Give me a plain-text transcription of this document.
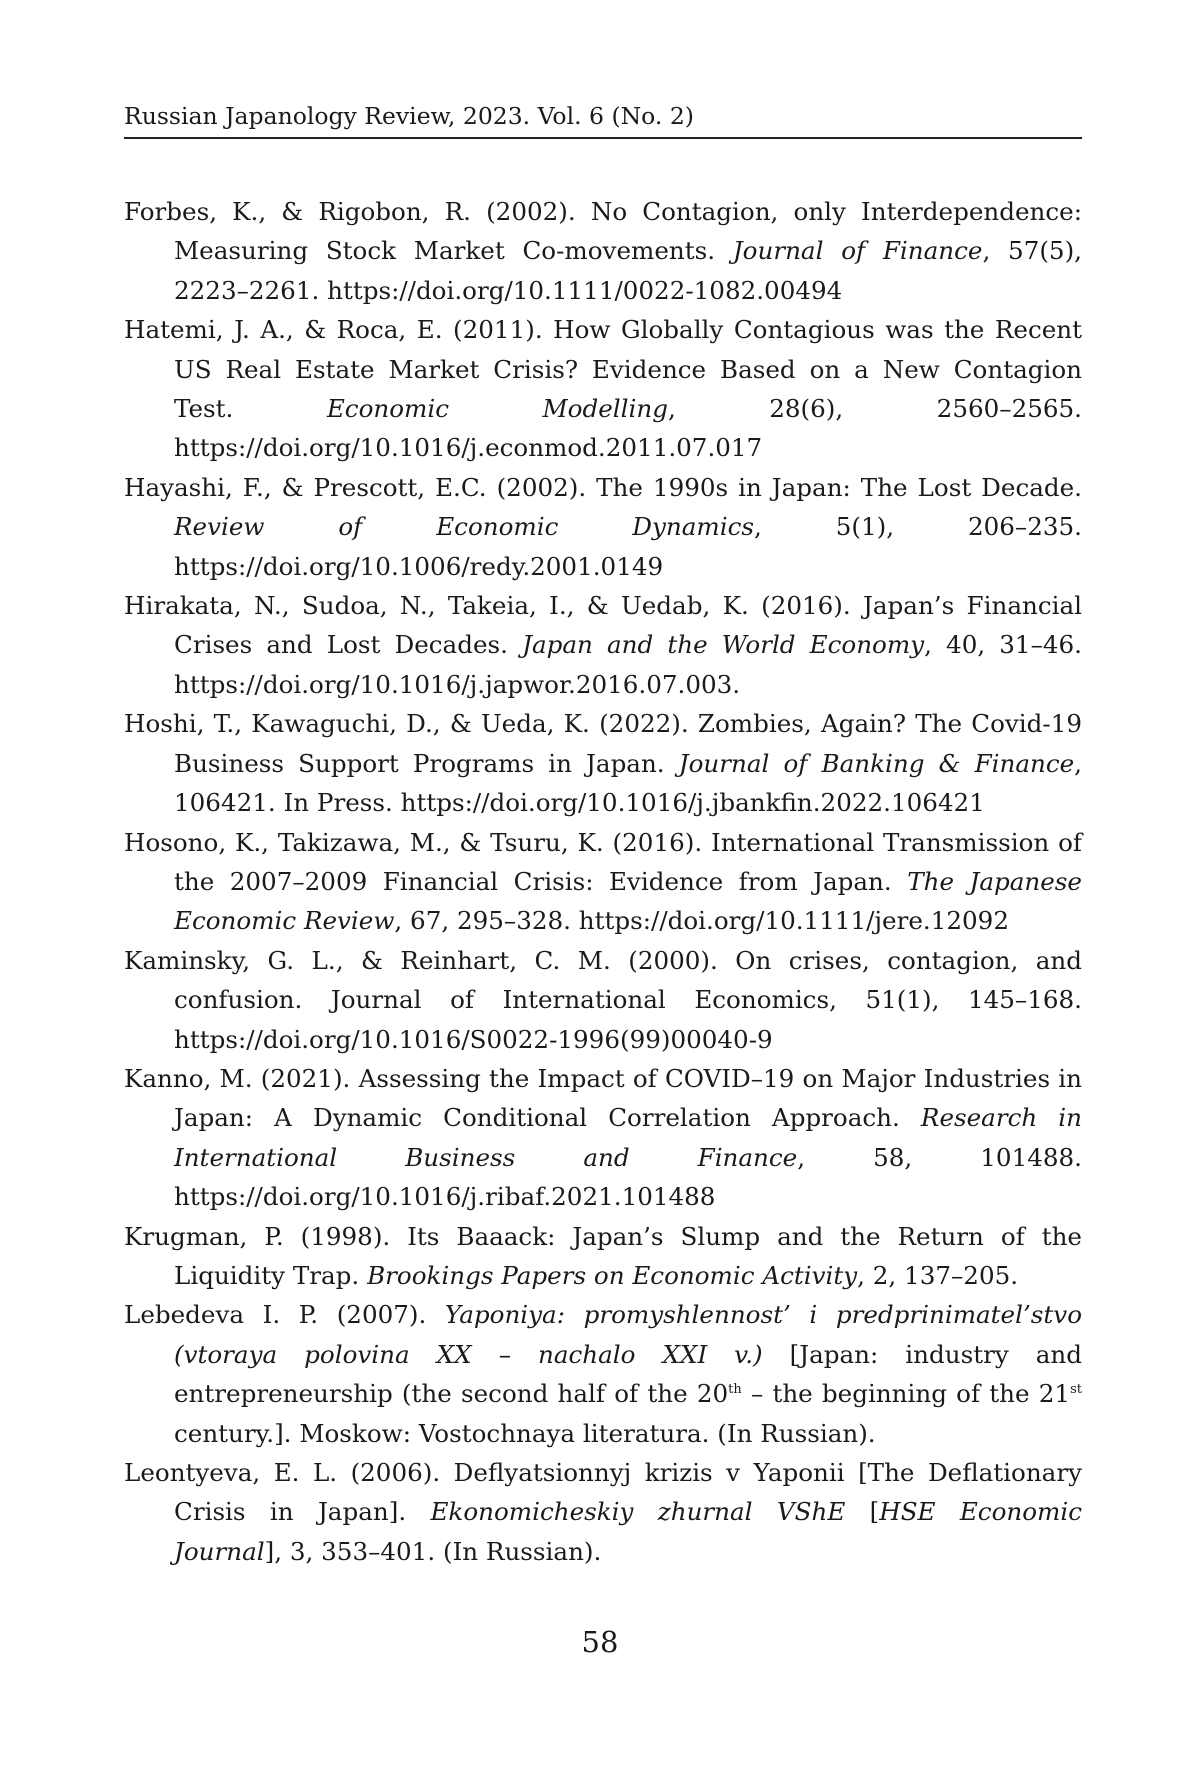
Russian Japanology Review, 2023. Vol. 6 (No. 2)

Forbes, K., & Rigobon, R. (2002). No Contagion, only Interdependence: Measuring Stock Market Co-movements. Journal of Finance, 57(5), 2223–2261. https://doi.org/10.1111/0022-1082.00494

Hatemi, J. A., & Roca, E. (2011). How Globally Contagious was the Recent US Real Estate Market Crisis? Evidence Based on a New Contagion Test. Economic Modelling, 28(6), 2560–2565. https://doi.org/10.1016/j.econmod.2011.07.017

Hayashi, F., & Prescott, E.C. (2002). The 1990s in Japan: The Lost Decade. Review of Economic Dynamics, 5(1), 206–235. https://doi.org/10.1006/redy.2001.0149

Hirakata, N., Sudoa, N., Takeia, I., & Uedab, K. (2016). Japan’s Financial Crises and Lost Decades. Japan and the World Economy, 40, 31–46. https://doi.org/10.1016/j.japwor.2016.07.003.

Hoshi, T., Kawaguchi, D., & Ueda, K. (2022). Zombies, Again? The Covid-19 Business Support Programs in Japan. Journal of Banking & Finance, 106421. In Press. https://doi.org/10.1016/j.jbankfin.2022.106421

Hosono, K., Takizawa, M., & Tsuru, K. (2016). International Transmission of the 2007–2009 Financial Crisis: Evidence from Japan. The Japanese Economic Review, 67, 295–328. https://doi.org/10.1111/jere.12092

Kaminsky, G. L., & Reinhart, C. M. (2000). On crises, contagion, and confusion. Journal of International Economics, 51(1), 145–168. https://doi.org/10.1016/S0022-1996(99)00040-9

Kanno, M. (2021). Assessing the Impact of COVID–19 on Major Industries in Japan: A Dynamic Conditional Correlation Approach. Research in International Business and Finance, 58, 101488. https://doi.org/10.1016/j.ribaf.2021.101488

Krugman, P. (1998). Its Baaack: Japan’s Slump and the Return of the Liquidity Trap. Brookings Papers on Economic Activity, 2, 137–205.

Lebedeva I. P. (2007). Yaponiya: promyshlennost’ i predprinimatel’stvo (vtoraya polovina XX – nachalo XXI v.) [Japan: industry and entrepreneurship (the second half of the 20th – the beginning of the 21st century.]. Moskow: Vostochnaya literatura. (In Russian).

Leontyeva, E. L. (2006). Deflyatsionnyj krizis v Yaponii [The Deflationary Crisis in Japan]. Ekonomicheskiy zhurnal VShE [HSE Economic Journal], 3, 353–401. (In Russian).

58
